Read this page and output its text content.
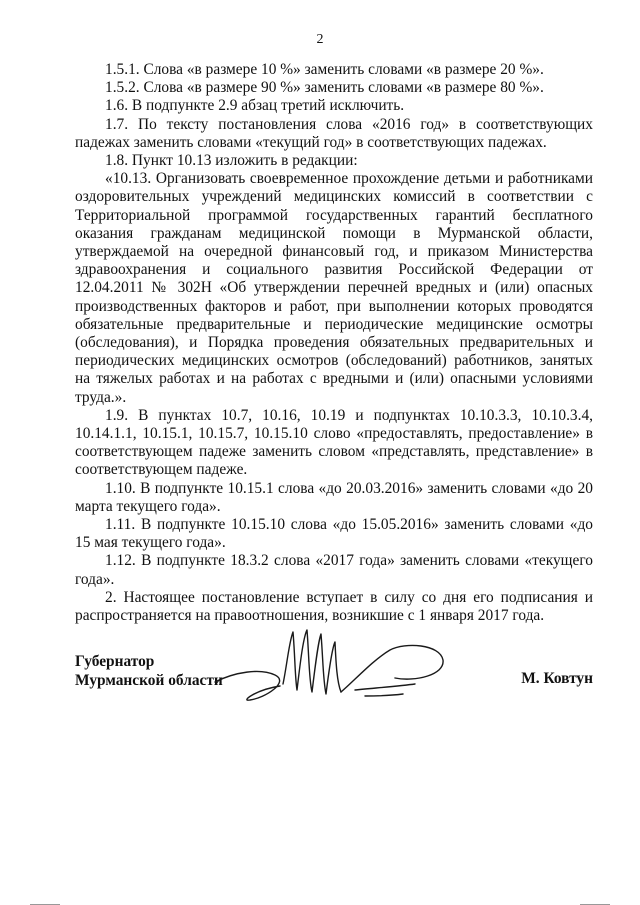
2

1.5.1. Слова «в размере 10 %» заменить словами «в размере 20 %».

1.5.2. Слова «в размере 90 %» заменить словами «в размере 80 %».

1.6. В подпункте 2.9 абзац третий исключить.

1.7. По тексту постановления слова «2016 год» в соответствующих падежах заменить словами «текущий год» в соответствующих падежах.

1.8. Пункт 10.13 изложить в редакции:

«10.13. Организовать своевременное прохождение детьми и работниками оздоровительных учреждений медицинских комиссий в соответствии с Территориальной программой государственных гарантий бесплатного оказания гражданам медицинской помощи в Мурманской области, утверждаемой на очередной финансовый год, и приказом Министерства здравоохранения и социального развития Российской Федерации от 12.04.2011 № 302Н «Об утверждении перечней вредных и (или) опасных производственных факторов и работ, при выполнении которых проводятся обязательные предварительные и периодические медицинские осмотры (обследования), и Порядка проведения обязательных предварительных и периодических медицинских осмотров (обследований) работников, занятых на тяжелых работах и на работах с вредными и (или) опасными условиями труда.».

1.9. В пунктах 10.7, 10.16, 10.19 и подпунктах 10.10.3.3, 10.10.3.4, 10.14.1.1, 10.15.1, 10.15.7, 10.15.10 слово «предоставлять, предоставление» в соответствующем падеже заменить словом «представлять, представление» в соответствующем падеже.

1.10. В подпункте 10.15.1 слова «до 20.03.2016» заменить словами «до 20 марта текущего года».

1.11. В подпункте 10.15.10 слова «до 15.05.2016» заменить словами «до 15 мая текущего года».

1.12. В подпункте 18.3.2 слова «2017 года» заменить словами «текущего года».

2. Настоящее постановление вступает в силу со дня его подписания и распространяется на правоотношения, возникшие с 1 января 2017 года.

Губернатор
Мурманской области	М. Ковтун
